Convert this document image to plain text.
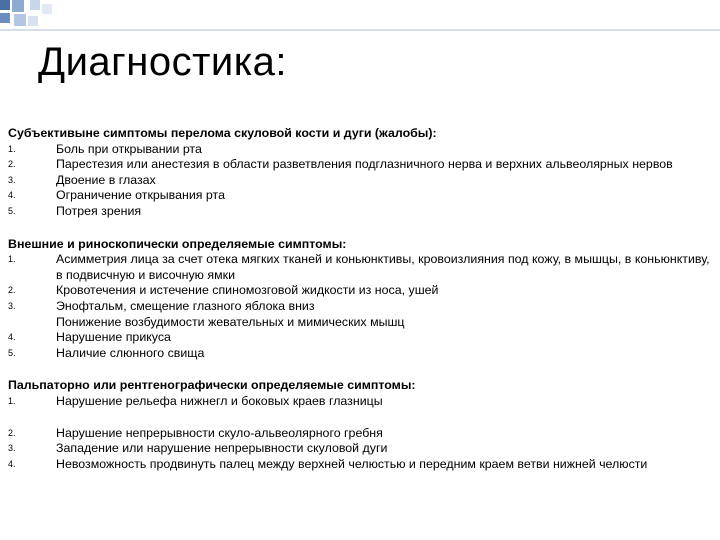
Диагностика:
Субъективыне симптомы перелома скуловой кости и дуги (жалобы):
1.	Боль при открывании рта
2.	Парестезия или анестезия в области разветвления подглазничного нерва и верхних альвеолярных нервов
3.	Двоение в глазах
4.	Ограничение открывания рта
5.	Потрея зрения
Внешние и риноскопически определяемые симптомы:
1.	Асимметрия лица за счет отека мягких тканей и коньюнктивы, кровоизлияния под кожу, в мышцы, в коньюнктиву, в подвисчную и височную ямки
2.	Кровотечения и истечение спиномозговой жидкости из носа, ушей
3.	Энофтальм, смещение глазного яблока вниз
Понижение возбудимости жевательных и мимических мышц
4.	Нарушение прикуса
5.	Наличие слюнного свища
Пальпаторно или рентгенографически определяемые симптомы:
1.	Нарушение рельефа нижнегл и боковых краев глазницы
2.	Нарушение непрерывности скуло-альвеолярного гребня
3.	Западение или нарушение непрерывности скуловой дуги
4.	Невозможность продвинуть палец между верхней челюстью и передним краем ветви нижней челюсти
